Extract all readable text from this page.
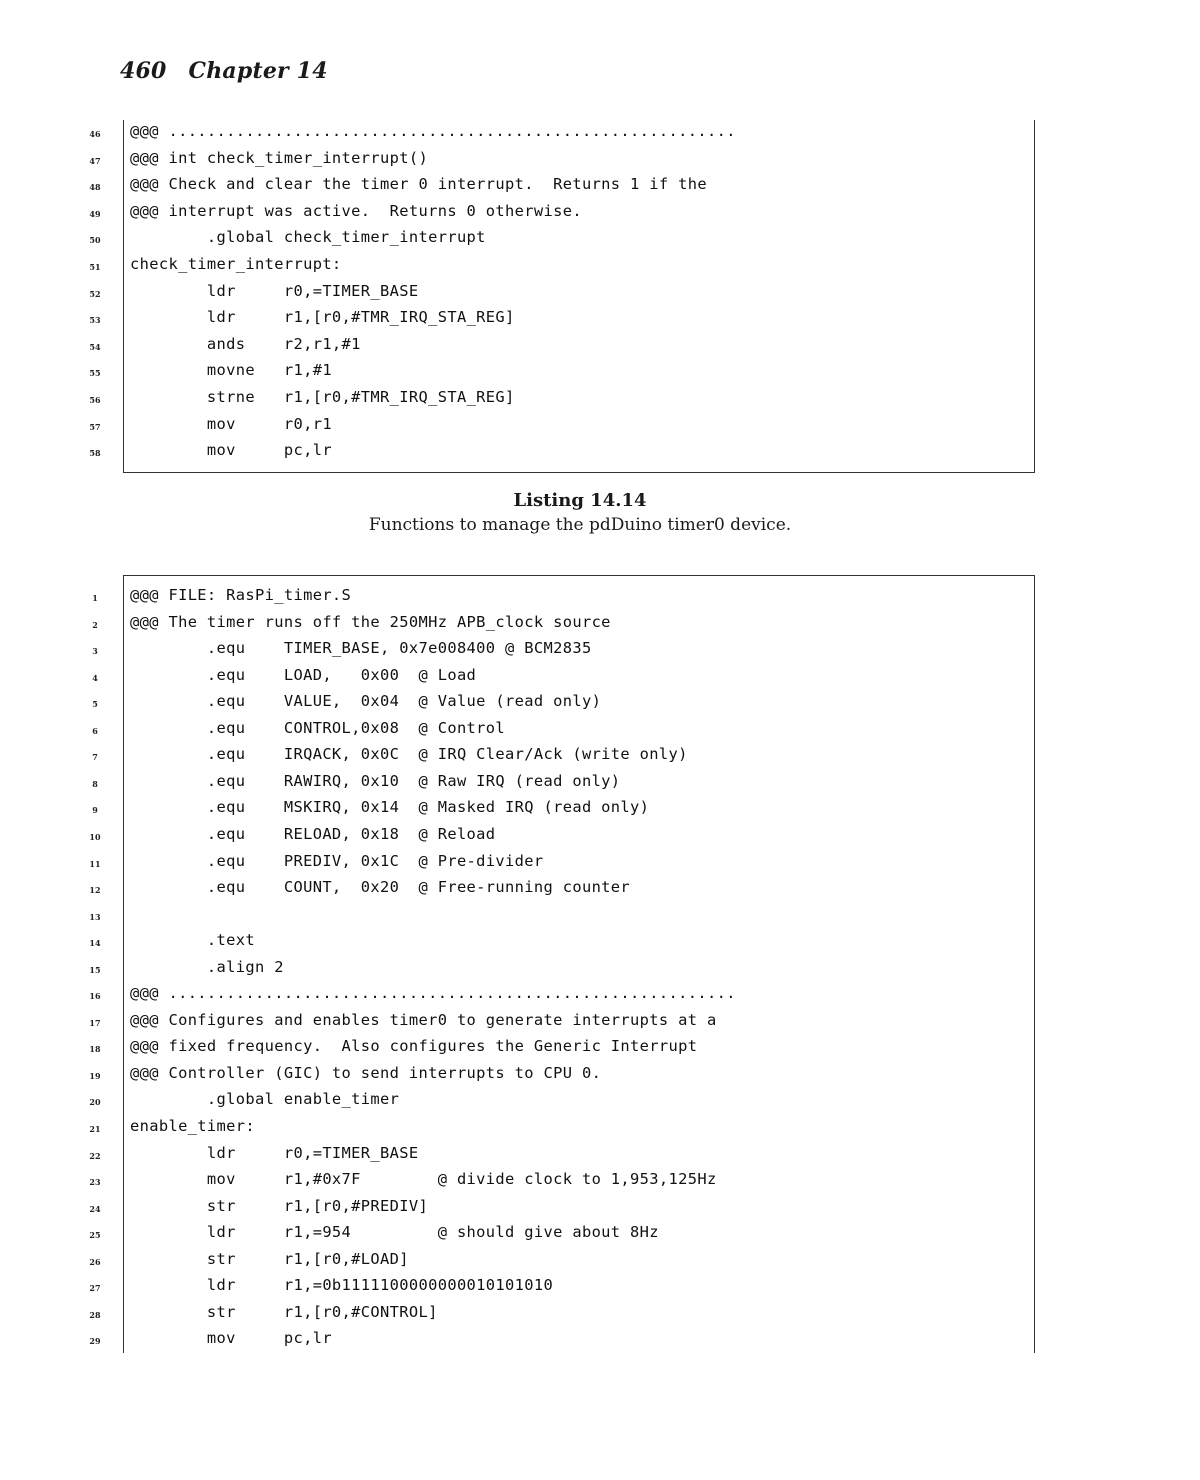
460 Chapter 14
46	@@@ ...........................................................
47	@@@ int check_timer_interrupt()
48	@@@ Check and clear the timer 0 interrupt.  Returns 1 if the
49	@@@ interrupt was active.  Returns 0 otherwise.
50	.global check_timer_interrupt
51	check_timer_interrupt:
52	ldr     r0,=TIMER_BASE
53	ldr     r1,[r0,#TMR_IRQ_STA_REG]
54	ands    r2,r1,#1
55	movne   r1,#1
56	strne   r1,[r0,#TMR_IRQ_STA_REG]
57	mov     r0,r1
58	mov     pc,lr
Listing 14.14
Functions to manage the pdDuino timer0 device.
1	@@@ FILE: RasPi_timer.S
2	@@@ The timer runs off the 250MHz APB_clock source
3	.equ    TIMER_BASE, 0x7e008400 @ BCM2835
4	.equ    LOAD,   0x00  @ Load
5	.equ    VALUE,  0x04  @ Value (read only)
6	.equ    CONTROL,0x08  @ Control
7	.equ    IRQACK, 0x0C  @ IRQ Clear/Ack (write only)
8	.equ    RAWIRQ, 0x10  @ Raw IRQ (read only)
9	.equ    MSKIRQ, 0x14  @ Masked IRQ (read only)
10	.equ    RELOAD, 0x18  @ Reload
11	.equ    PREDIV, 0x1C  @ Pre-divider
12	.equ    COUNT,  0x20  @ Free-running counter
13
14	.text
15	.align 2
16	@@@ ...........................................................
17	@@@ Configures and enables timer0 to generate interrupts at a
18	@@@ fixed frequency.  Also configures the Generic Interrupt
19	@@@ Controller (GIC) to send interrupts to CPU 0.
20	.global enable_timer
21	enable_timer:
22	ldr     r0,=TIMER_BASE
23	mov     r1,#0x7F        @ divide clock to 1,953,125Hz
24	str     r1,[r0,#PREDIV]
25	ldr     r1,=954         @ should give about 8Hz
26	str     r1,[r0,#LOAD]
27	ldr     r1,=0b1111100000000010101010
28	str     r1,[r0,#CONTROL]
29	mov     pc,lr
